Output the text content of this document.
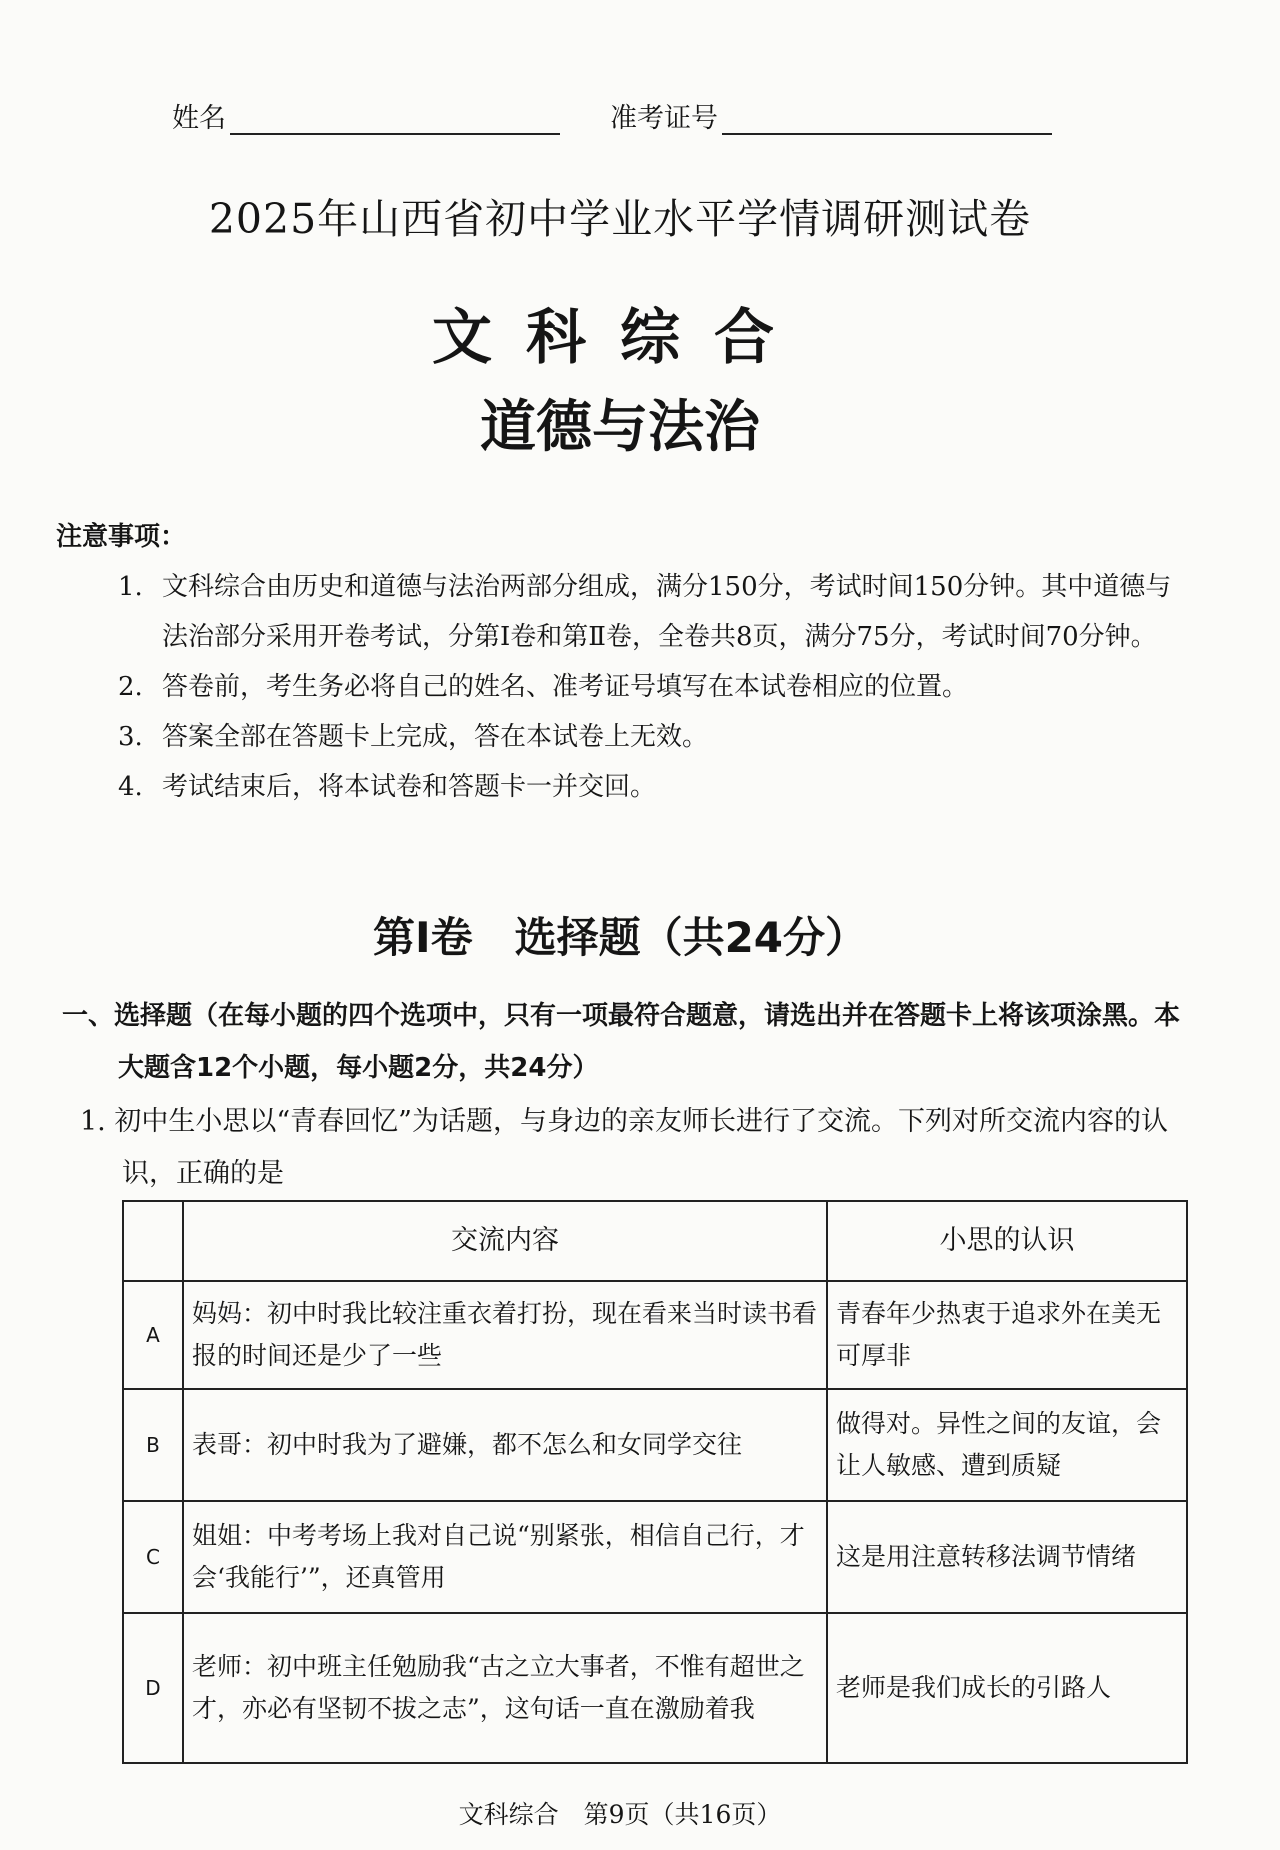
姓名	准考证号
2025年山西省初中学业水平学情调研测试卷
文科综合
道德与法治
注意事项：
1. 文科综合由历史和道德与法治两部分组成，满分150分，考试时间150分钟。其中道德与法治部分采用开卷考试，分第Ⅰ卷和第Ⅱ卷，全卷共8页，满分75分，考试时间70分钟。
2. 答卷前，考生务必将自己的姓名、准考证号填写在本试卷相应的位置。
3. 答案全部在答题卡上完成，答在本试卷上无效。
4. 考试结束后，将本试卷和答题卡一并交回。
第Ⅰ卷　选择题（共24分）
一、选择题（在每小题的四个选项中，只有一项最符合题意，请选出并在答题卡上将该项涂黑。本大题含12个小题，每小题2分，共24分）
1. 初中生小思以“青春回忆”为话题，与身边的亲友师长进行了交流。下列对所交流内容的认识，正确的是
	交流内容	小思的认识
A	妈妈：初中时我比较注重衣着打扮，现在看来当时读书看报的时间还是少了一些	青春年少热衷于追求外在美无可厚非
B	表哥：初中时我为了避嫌，都不怎么和女同学交往	做得对。异性之间的友谊，会让人敏感、遭到质疑
C	姐姐：中考考场上我对自己说“别紧张，相信自己行，才会‘我能行’”，还真管用	这是用注意转移法调节情绪
D	老师：初中班主任勉励我“古之立大事者，不惟有超世之才，亦必有坚韧不拔之志”，这句话一直在激励着我	老师是我们成长的引路人
文科综合　第9页（共16页）
